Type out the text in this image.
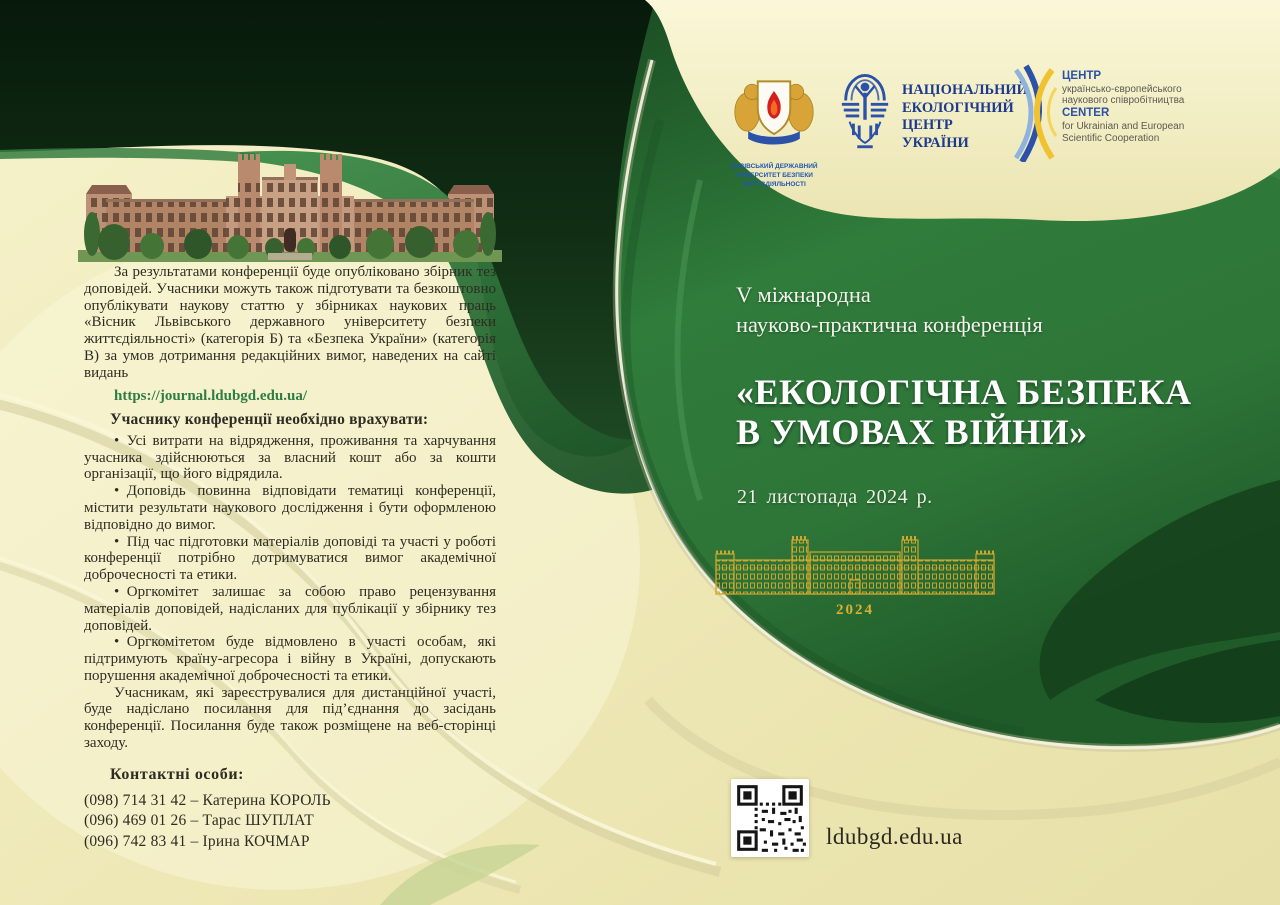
За результатами конференції буде опубліковано збірник тез доповідей. Учасники можуть також підготувати та безкоштовно опублікувати наукову статтю у збірниках наукових праць «Вісник Львівського державного університету безпеки життєдіяльності» (категорія Б) та «Безпека України» (категорія В) за умов дотримання редакційних вимог, наведених на сайті видань

https://journal.ldubgd.edu.ua/
Учаснику конференції необхідно врахувати:

• Усі витрати на відрядження, проживання та харчування учасника здійснюються за власний кошт або за кошти організації, що його відрядила.

• Доповідь повинна відповідати тематиці конференції, містити результати наукового дослідження і бути оформленою відповідно до вимог.

• Під час підготовки матеріалів доповіді та участі у роботі конференції потрібно дотримуватися вимог академічної доброчесності та етики.

• Оргкомітет залишає за собою право рецензування матеріалів доповідей, надісланих для публікації у збірнику тез доповідей.

• Оргкомітетом буде відмовлено в участі особам, які підтримують країну-агресора і війну в Україні, допускають порушення академічної доброчесності та етики.

Учасникам, які зареєструвалися для дистанційної участі, буде надіслано посилання для під’єднання до засідань конференції. Посилання буде також розміщене на веб-сторінці заходу.

Контактні особи:
(098) 714 31 42 – Катерина КОРОЛЬ
(096) 469 01 26 – Тарас ШУПЛАТ
(096) 742 83 41 – Ірина КОЧМАР
ЛЬВІВСЬКИЙ ДЕРЖАВНИЙ
УНІВЕРСИТЕТ БЕЗПЕКИ
ЖИТТЄДІЯЛЬНОСТІ
НАЦІОНАЛЬНИЙ
ЕКОЛОГІЧНИЙ
ЦЕНТР
УКРАЇНИ
ЦЕНТР
українсько-європейського
наукового співробітництва
CENTER
for Ukrainian and European
Scientific Cooperation
V міжнародна
науково-практична конференція
«ЕКОЛОГІЧНА БЕЗПЕКА
В УМОВАХ ВІЙНИ»
21 листопада 2024 р.
2024
ldubgd.edu.ua
